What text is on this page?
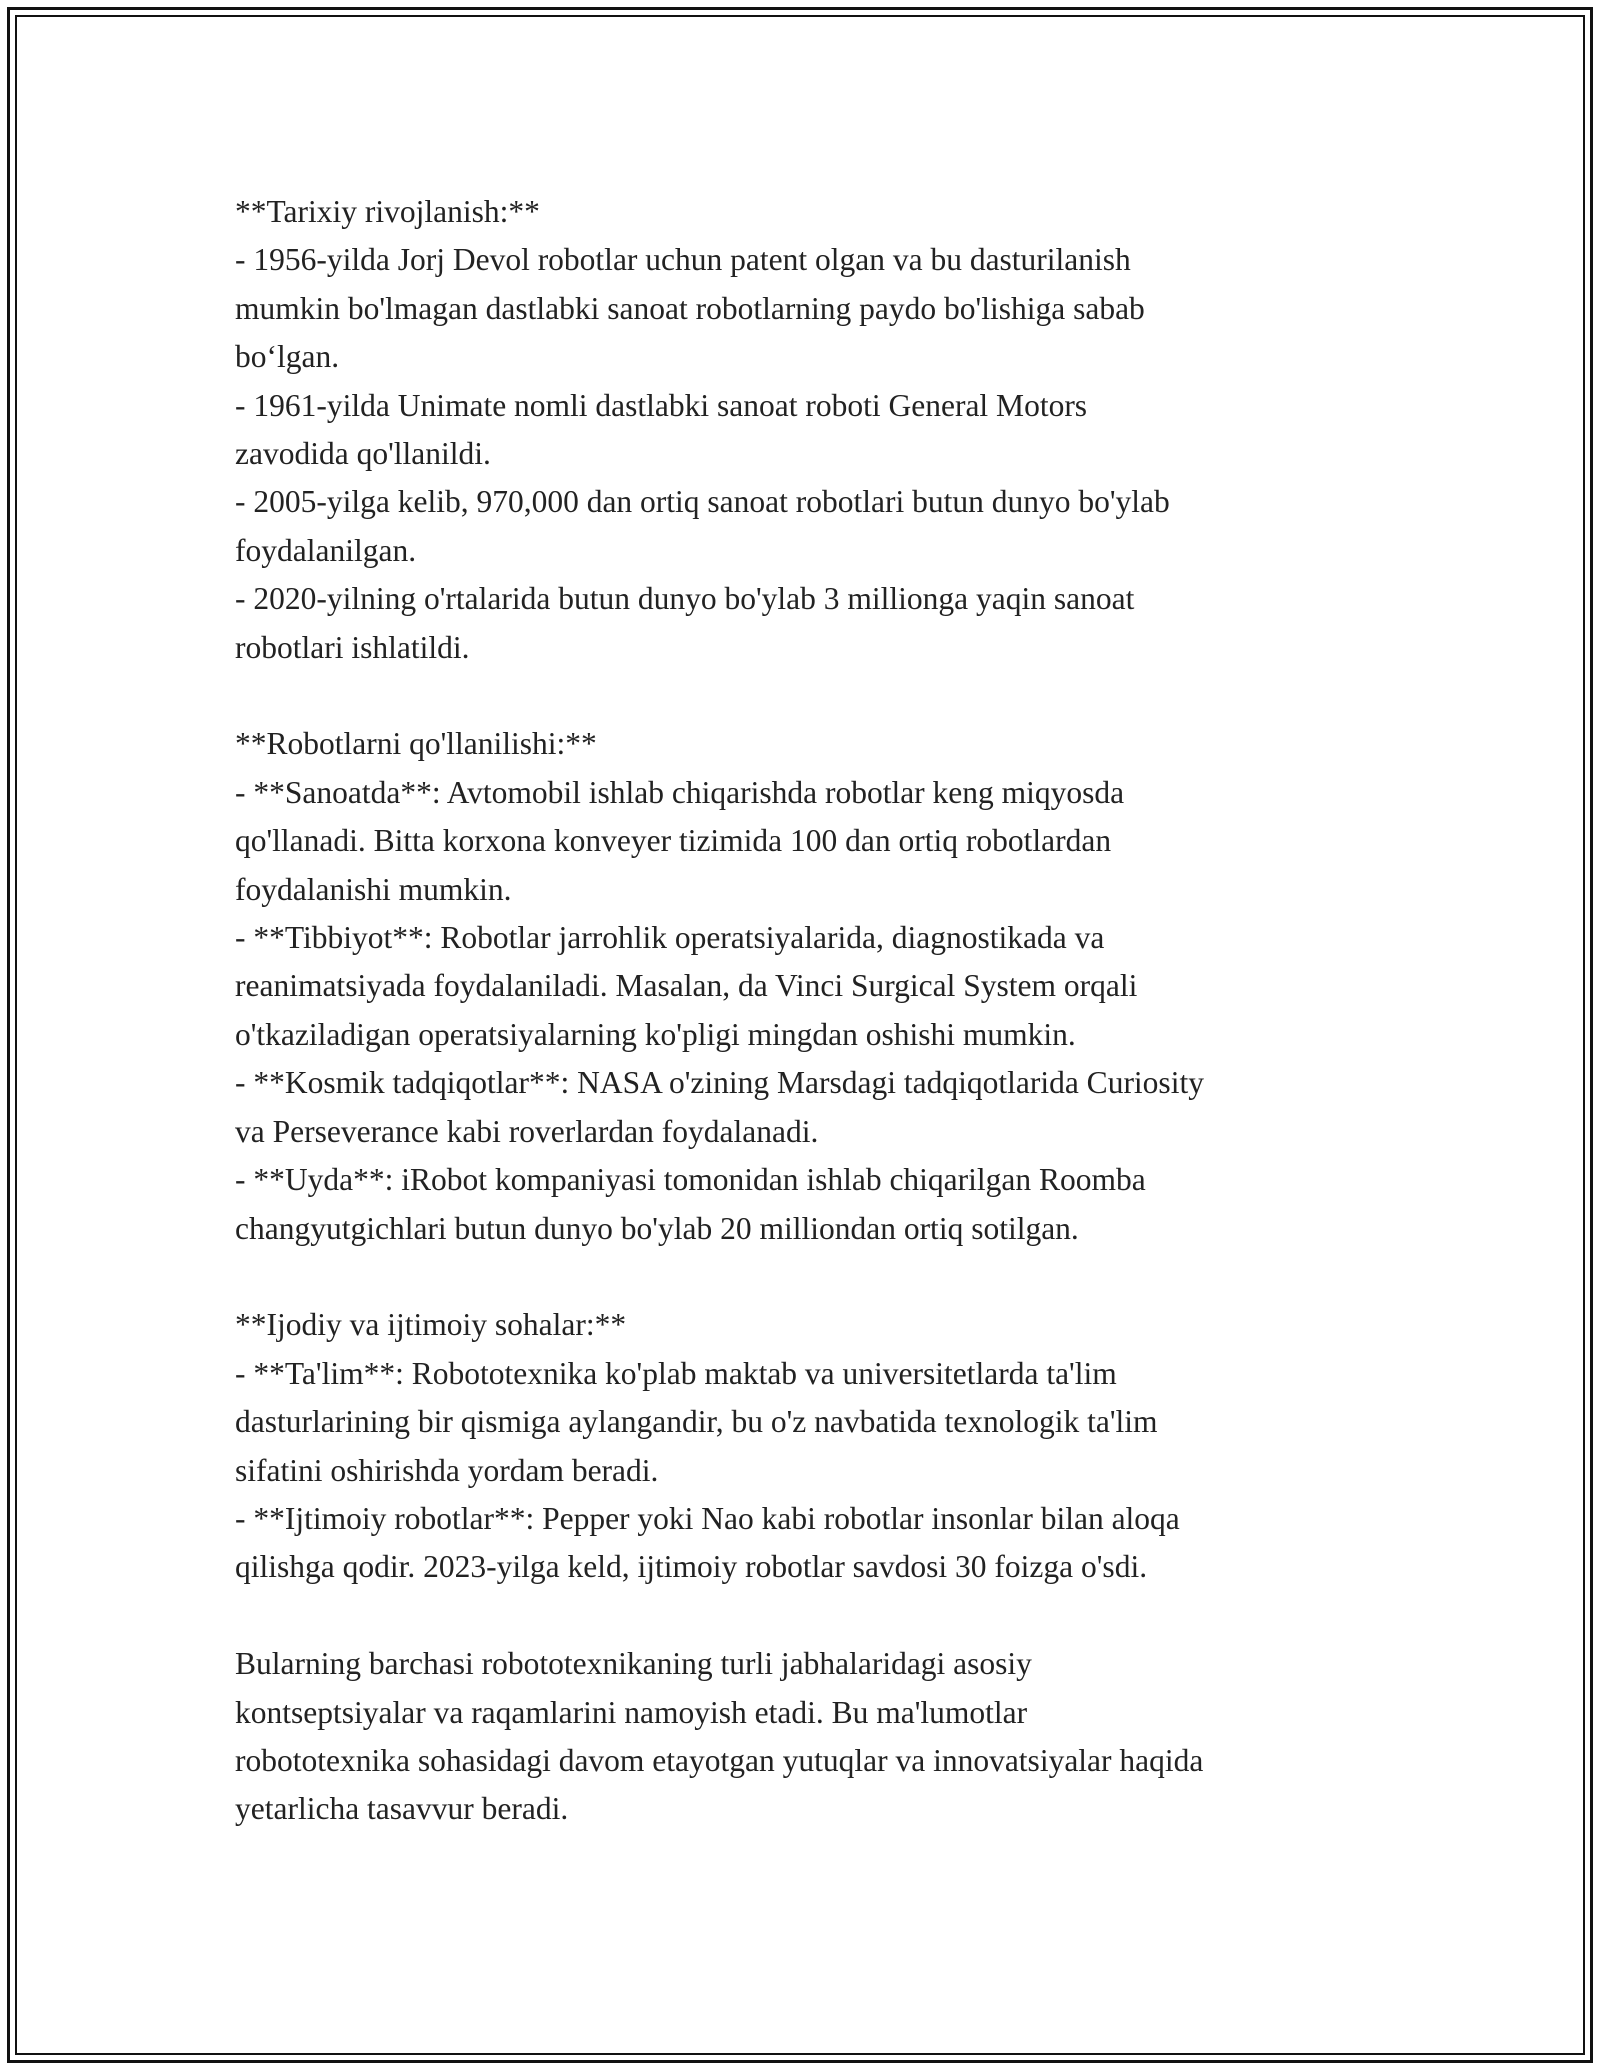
**Tarixiy rivojlanish:**
- 1956-yilda Jorj Devol robotlar uchun patent olgan va bu dasturilanish
mumkin bo'lmagan dastlabki sanoat robotlarning paydo bo'lishiga sabab
bo‘lgan.
- 1961-yilda Unimate nomli dastlabki sanoat roboti General Motors
zavodida qo'llanildi.
- 2005-yilga kelib, 970,000 dan ortiq sanoat robotlari butun dunyo bo'ylab
foydalanilgan.
- 2020-yilning o'rtalarida butun dunyo bo'ylab 3 millionga yaqin sanoat
robotlari ishlatildi.
**Robotlarni qo'llanilishi:**
- **Sanoatda**: Avtomobil ishlab chiqarishda robotlar keng miqyosda
qo'llanadi. Bitta korxona konveyer tizimida 100 dan ortiq robotlardan
foydalanishi mumkin.
- **Tibbiyot**: Robotlar jarrohlik operatsiyalarida, diagnostikada va
reanimatsiyada foydalaniladi. Masalan, da Vinci Surgical System orqali
o'tkaziladigan operatsiyalarning ko'pligi mingdan oshishi mumkin.
- **Kosmik tadqiqotlar**: NASA o'zining Marsdagi tadqiqotlarida Curiosity
va Perseverance kabi roverlardan foydalanadi.
- **Uyda**: iRobot kompaniyasi tomonidan ishlab chiqarilgan Roomba
changyutgichlari butun dunyo bo'ylab 20 milliondan ortiq sotilgan.
**Ijodiy va ijtimoiy sohalar:**
- **Ta'lim**: Robototexnika ko'plab maktab va universitetlarda ta'lim
dasturlarining bir qismiga aylangandir, bu o'z navbatida texnologik ta'lim
sifatini oshirishda yordam beradi.
- **Ijtimoiy robotlar**: Pepper yoki Nao kabi robotlar insonlar bilan aloqa
qilishga qodir. 2023-yilga keld, ijtimoiy robotlar savdosi 30 foizga o'sdi.
Bularning barchasi robototexnikaning turli jabhalaridagi asosiy
kontseptsiyalar va raqamlarini namoyish etadi. Bu ma'lumotlar
robototexnika sohasidagi davom etayotgan yutuqlar va innovatsiyalar haqida
yetarlicha tasavvur beradi.
